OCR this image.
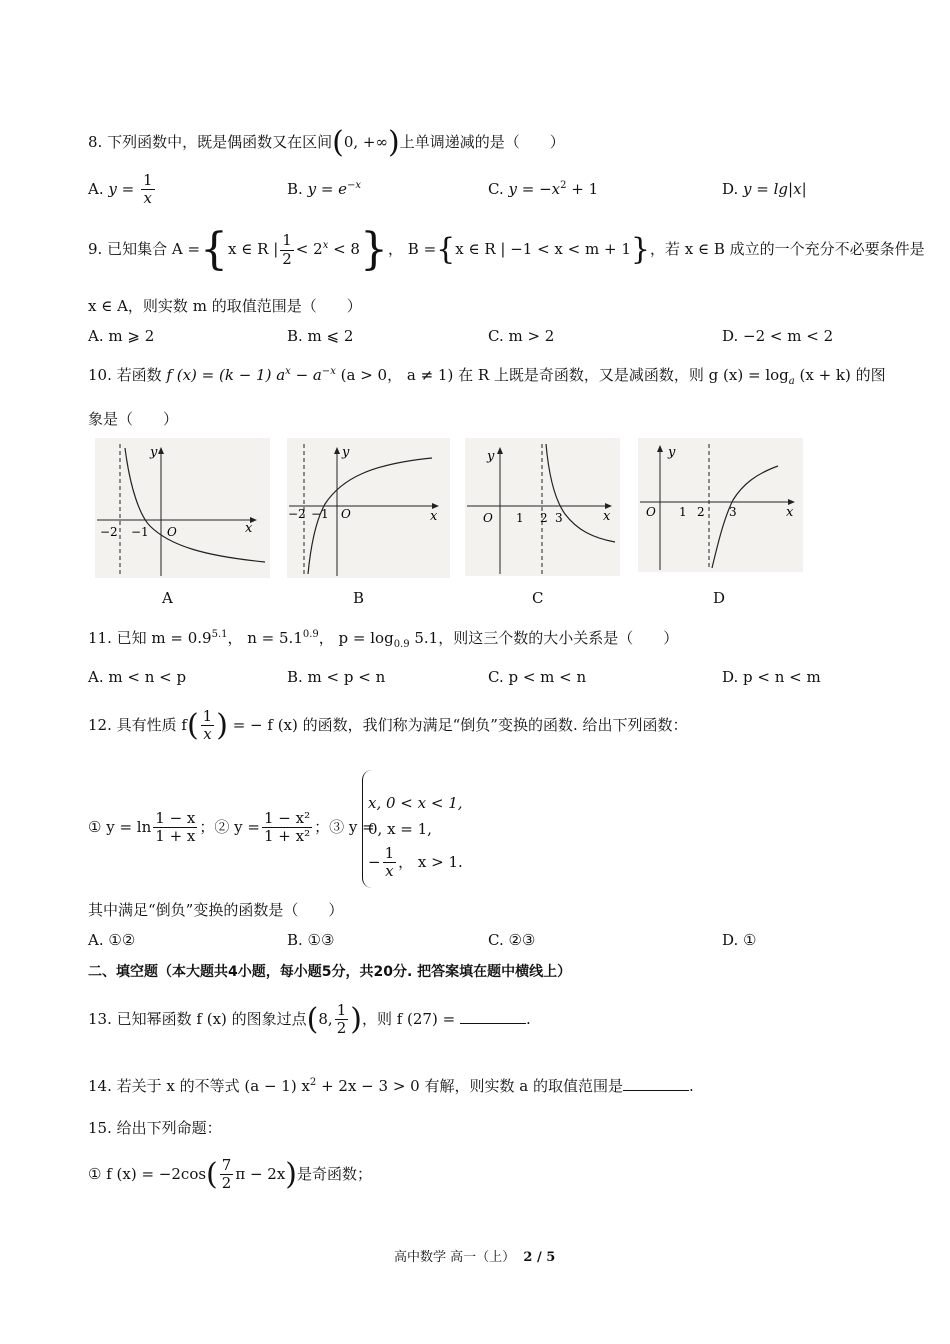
8. 下列函数中，既是偶函数又在区间(0, +∞)上单调递减的是（　　）
A. $y = \frac{1}{x}$	B. $y = e^{-x}$	C. $y = -x^2 + 1$	D. y = lg|x|
9. 已知集合 A ={x ∈ R | $\frac{1}{2} < 2^x < 8$}， B ={x ∈ R | −1 < x < m + 1}，若 x ∈ B 成立的一个充分不必要条件是
x ∈ A，则实数 m 的取值范围是（　　）
A. m ⩾ 2	B. m ⩽ 2	C. m > 2	D. −2 < m < 2
10. 若函数 f (x) = (k − 1) $a^x - a^{-x}$ (a > 0， a ≠ 1) 在 R 上既是奇函数，又是减函数，则 g $(x) = \log_a (x + k)$ 的图
象是（　　）
y
x
−2 −1 O
y
x
−2 −1 O
y
x
O 1 2 3
y
x
O 1 2 3
A	B	C	D
11. 已知 $m = 0.9^{5.1}$， $n = 5.1^{0.9}$， $p = \log_{0.9} 5.1$，则这三个数的大小关系是（　　）
A. m < n < p	B. m < p < n	C. p < m < n	D. p < n < m
12. 具有性质 $f( \frac{1}{x}$ ) = − f (x) 的函数，我们称为满足“倒负”变换的函数. 给出下列函数：
① $y = \ln \frac{1 - x}{1 + x}$ ；② $y = \frac{\text{1 − x²}}{\text{1 + x²}}$ ；③ y =
x, 0 < x < 1,
0, x = 1,
− $\frac{1}{x}$ ， x > 1.
其中满足“倒负”变换的函数是（　　）
A. ①②	B. ①③	C. ②③	D. ①
二、填空题（本大题共4小题，每小题5分，共20分. 把答案填在题中横线上）
13. 已知幂函数 f (x) 的图象过点(8, $\frac{1}{2}$ )，则 f (27) =	.
14. 若关于 x 的不等式 (a − 1) $x^2 + 2x - 3 > 0$ 有解，则实数 a 的取值范围是	.
15. 给出下列命题：
① f $(x) = -2\cos( \frac{7}{2}$ π − 2x)是奇函数；
高中数学 高一（上） 2 / 5
